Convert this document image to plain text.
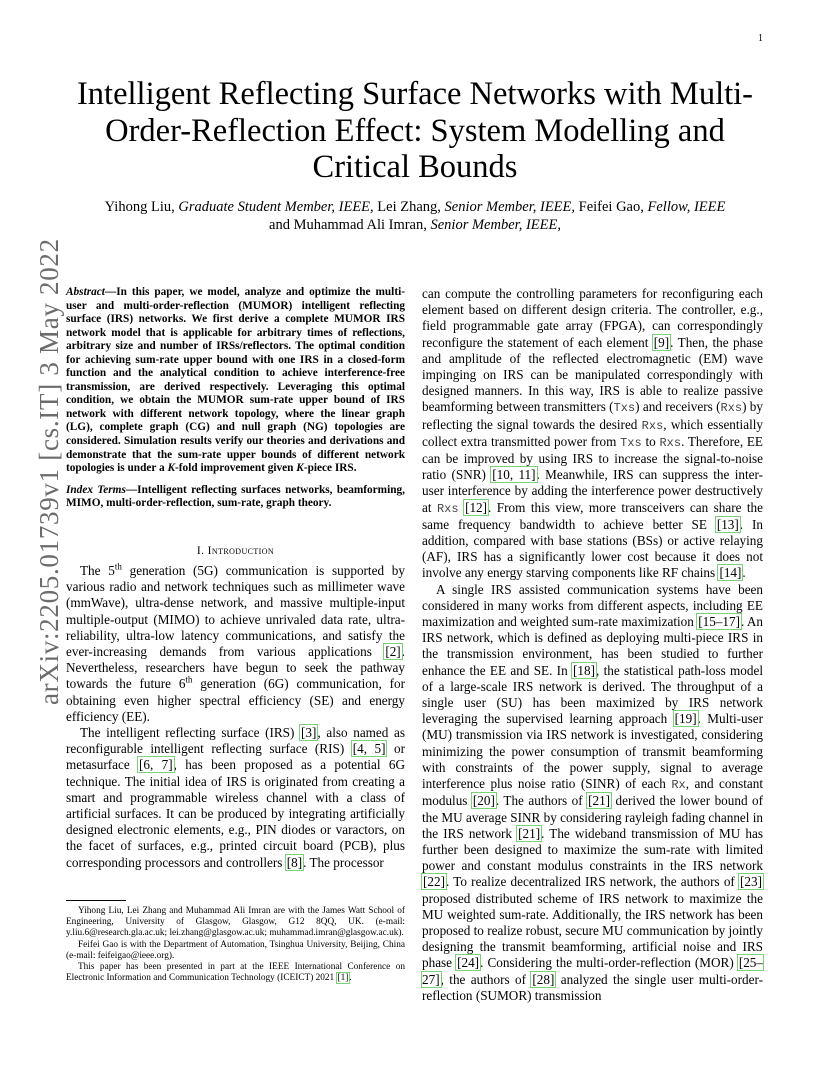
1
arXiv:2205.01739v1 [cs.IT] 3 May 2022
Intelligent Reflecting Surface Networks with Multi-Order-Reflection Effect: System Modelling and Critical Bounds
Yihong Liu, Graduate Student Member, IEEE, Lei Zhang, Senior Member, IEEE, Feifei Gao, Fellow, IEEE
and Muhammad Ali Imran, Senior Member, IEEE,

Abstract—In this paper, we model, analyze and optimize the multi-user and multi-order-reflection (MUMOR) intelligent reflecting surface (IRS) networks. We first derive a complete MUMOR IRS network model that is applicable for arbitrary times of reflections, arbitrary size and number of IRSs/reflectors. The optimal condition for achieving sum-rate upper bound with one IRS in a closed-form function and the analytical condition to achieve interference-free transmission, are derived respectively. Leveraging this optimal condition, we obtain the MUMOR sum-rate upper bound of IRS network with different network topology, where the linear graph (LG), complete graph (CG) and null graph (NG) topologies are considered. Simulation results verify our theories and derivations and demonstrate that the sum-rate upper bounds of different network topologies is under a K-fold improvement given K-piece IRS.

Index Terms—Intelligent reflecting surfaces networks, beamforming, MIMO, multi-order-reflection, sum-rate, graph theory.

I. Introduction

The 5th generation (5G) communication is supported by various radio and network techniques such as millimeter wave (mmWave), ultra-dense network, and massive multiple-input multiple-output (MIMO) to achieve unrivaled data rate, ultra-reliability, ultra-low latency communications, and satisfy the ever-increasing demands from various applications [2]. Nevertheless, researchers have begun to seek the pathway towards the future 6th generation (6G) communication, for obtaining even higher spectral efficiency (SE) and energy efficiency (EE).

The intelligent reflecting surface (IRS) [3], also named as reconfigurable intelligent reflecting surface (RIS) [4, 5] or metasurface [6, 7], has been proposed as a potential 6G technique. The initial idea of IRS is originated from creating a smart and programmable wireless channel with a class of artificial surfaces. It can be produced by integrating artificially designed electronic elements, e.g., PIN diodes or varactors, on the facet of surfaces, e.g., printed circuit board (PCB), plus corresponding processors and controllers [8]. The processor

Yihong Liu, Lei Zhang and Muhammad Ali Imran are with the James Watt School of Engineering, University of Glasgow, Glasgow, G12 8QQ, UK. (e-mail: y.liu.6@research.gla.ac.uk; lei.zhang@glasgow.ac.uk; muhammad.imran@glasgow.ac.uk).

Feifei Gao is with the Department of Automation, Tsinghua University, Beijing, China (e-mail: feifeigao@ieee.org).

This paper has been presented in part at the IEEE International Conference on Electronic Information and Communication Technology (ICEICT) 2021 [1].

can compute the controlling parameters for reconfiguring each element based on different design criteria. The controller, e.g., field programmable gate array (FPGA), can correspondingly reconfigure the statement of each element [9]. Then, the phase and amplitude of the reflected electromagnetic (EM) wave impinging on IRS can be manipulated correspondingly with designed manners. In this way, IRS is able to realize passive beamforming between transmitters (Txs) and receivers (Rxs) by reflecting the signal towards the desired Rxs, which essentially collect extra transmitted power from Txs to Rxs. Therefore, EE can be improved by using IRS to increase the signal-to-noise ratio (SNR) [10, 11]. Meanwhile, IRS can suppress the inter-user interference by adding the interference power destructively at Rxs [12]. From this view, more transceivers can share the same frequency bandwidth to achieve better SE [13]. In addition, compared with base stations (BSs) or active relaying (AF), IRS has a significantly lower cost because it does not involve any energy starving components like RF chains [14].

A single IRS assisted communication systems have been considered in many works from different aspects, including EE maximization and weighted sum-rate maximization [15–17]. An IRS network, which is defined as deploying multi-piece IRS in the transmission environment, has been studied to further enhance the EE and SE. In [18], the statistical path-loss model of a large-scale IRS network is derived. The throughput of a single user (SU) has been maximized by IRS network leveraging the supervised learning approach [19]. Multi-user (MU) transmission via IRS network is investigated, considering minimizing the power consumption of transmit beamforming with constraints of the power supply, signal to average interference plus noise ratio (SINR) of each Rx, and constant modulus [20]. The authors of [21] derived the lower bound of the MU average SINR by considering rayleigh fading channel in the IRS network [21]. The wideband transmission of MU has further been designed to maximize the sum-rate with limited power and constant modulus constraints in the IRS network [22]. To realize decentralized IRS network, the authors of [23] proposed distributed scheme of IRS network to maximize the MU weighted sum-rate. Additionally, the IRS network has been proposed to realize robust, secure MU communication by jointly designing the transmit beamforming, artificial noise and IRS phase [24]. Considering the multi-order-reflection (MOR) [25–27], the authors of [28] analyzed the single user multi-order-reflection (SUMOR) transmission
